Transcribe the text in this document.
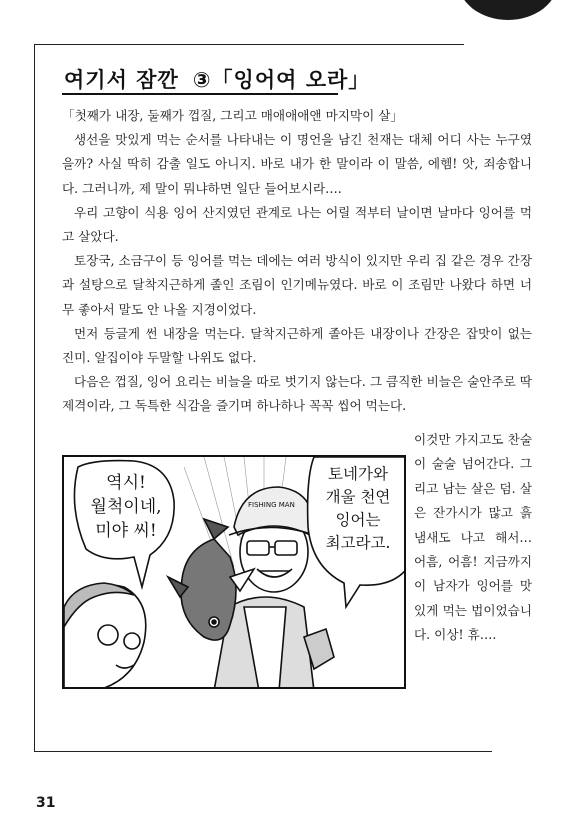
여기서 잠깐 ③「잉어여 오라」

「첫째가 내장, 둘째가 껍질, 그리고 매애애애앤 마지막이 살」

생선을 맛있게 먹는 순서를 나타내는 이 명언을 남긴 천재는 대체 어디 사는 누구였을까? 사실 딱히 감출 일도 아니지. 바로 내가 한 말이라 이 말씀, 에헴! 앗, 죄송합니다. 그러니까, 제 말이 뭐냐하면 일단 들어보시라….

우리 고향이 식용 잉어 산지였던 관계로 나는 어릴 적부터 날이면 날마다 잉어를 먹고 살았다.

토장국, 소금구이 등 잉어를 먹는 데에는 여러 방식이 있지만 우리 집 같은 경우 간장과 설탕으로 달착지근하게 졸인 조림이 인기메뉴였다. 바로 이 조림만 나왔다 하면 너무 좋아서 말도 안 나올 지경이었다.

먼저 등글게 썬 내장을 먹는다. 달착지근하게 졸아든 내장이나 간장은 잡맛이 없는 진미. 알집이야 두말할 나위도 없다.

다음은 껍질, 잉어 요리는 비늘을 따로 벗기지 않는다. 그 큼직한 비늘은 술안주로 딱 제격이라, 그 독특한 식감을 즐기며 하나하나 꼭꼭 씹어 먹는다.

이것만 가지고도 찬술이 술술 넘어간다. 그리고 남는 살은 덤. 살은 잔가시가 많고 흙냄새도 나고 해서… 어흠, 어흠! 지금까지 이 남자가 잉어를 맛있게 먹는 법이었습니다. 이상! 휴….

FISHING MAN
역시!
월척이네,
미야 씨!
토네가와
개울 천연
잉어는
최고라고.
31
